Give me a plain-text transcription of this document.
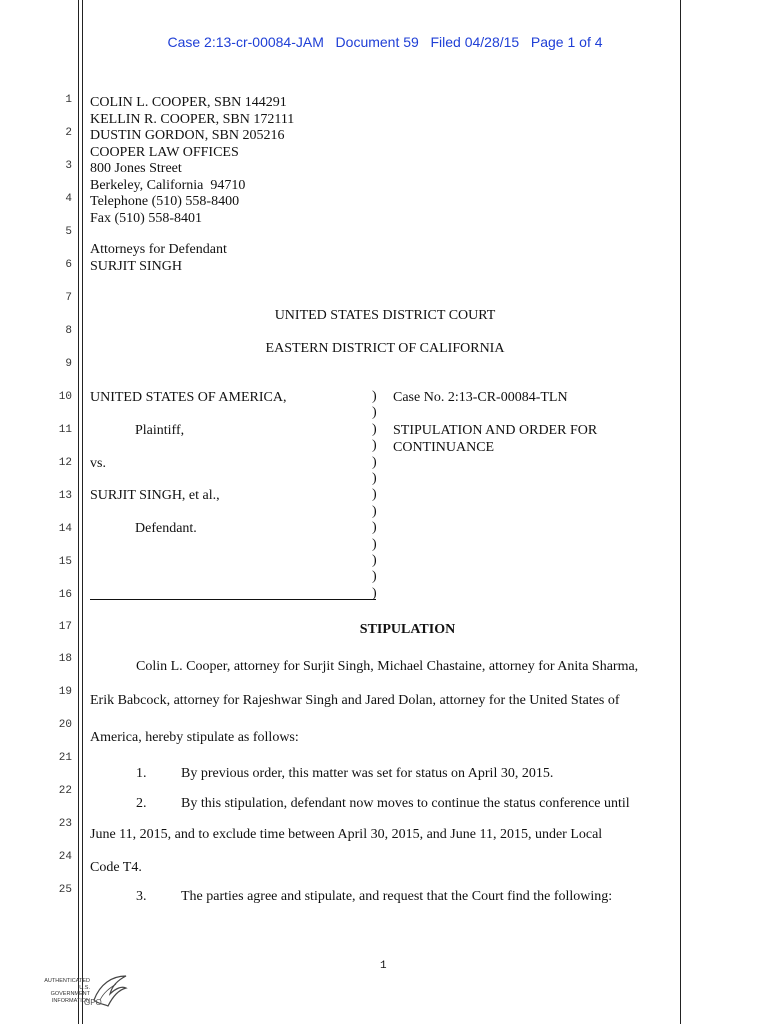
Case 2:13-cr-00084-JAM   Document 59   Filed 04/28/15   Page 1 of 4
1
2
3
4
5
6
7
8
9
10
11
12
13
14
15
16
17
18
19
20
21
22
23
24
25
COLIN L. COOPER, SBN 144291
KELLIN R. COOPER, SBN 172111
DUSTIN GORDON, SBN 205216
COOPER LAW OFFICES
800 Jones Street
Berkeley, California  94710
Telephone (510) 558-8400
Fax (510) 558-8401
Attorneys for Defendant
SURJIT SINGH
UNITED STATES DISTRICT COURT
EASTERN DISTRICT OF CALIFORNIA
UNITED STATES OF AMERICA,
Plaintiff,
vs.
SURJIT SINGH, et al.,
Defendant.
)
)
)
)
)
)
)
)
)
)
)
)
)
Case No. 2:13-CR-00084-TLN
STIPULATION AND ORDER FOR
CONTINUANCE
STIPULATION
Colin L. Cooper, attorney for Surjit Singh, Michael Chastaine, attorney for Anita Sharma,
Erik Babcock, attorney for Rajeshwar Singh and Jared Dolan, attorney for the United States of
America, hereby stipulate as follows:
1. By previous order, this matter was set for status on April 30, 2015.
2. By this stipulation, defendant now moves to continue the status conference until
June 11, 2015, and to exclude time between April 30, 2015, and June 11, 2015, under Local
Code T4.
3. The parties agree and stipulate, and request that the Court find the following:
1
AUTHENTICATED
U.S. GOVERNMENT
INFORMATION
GPO
